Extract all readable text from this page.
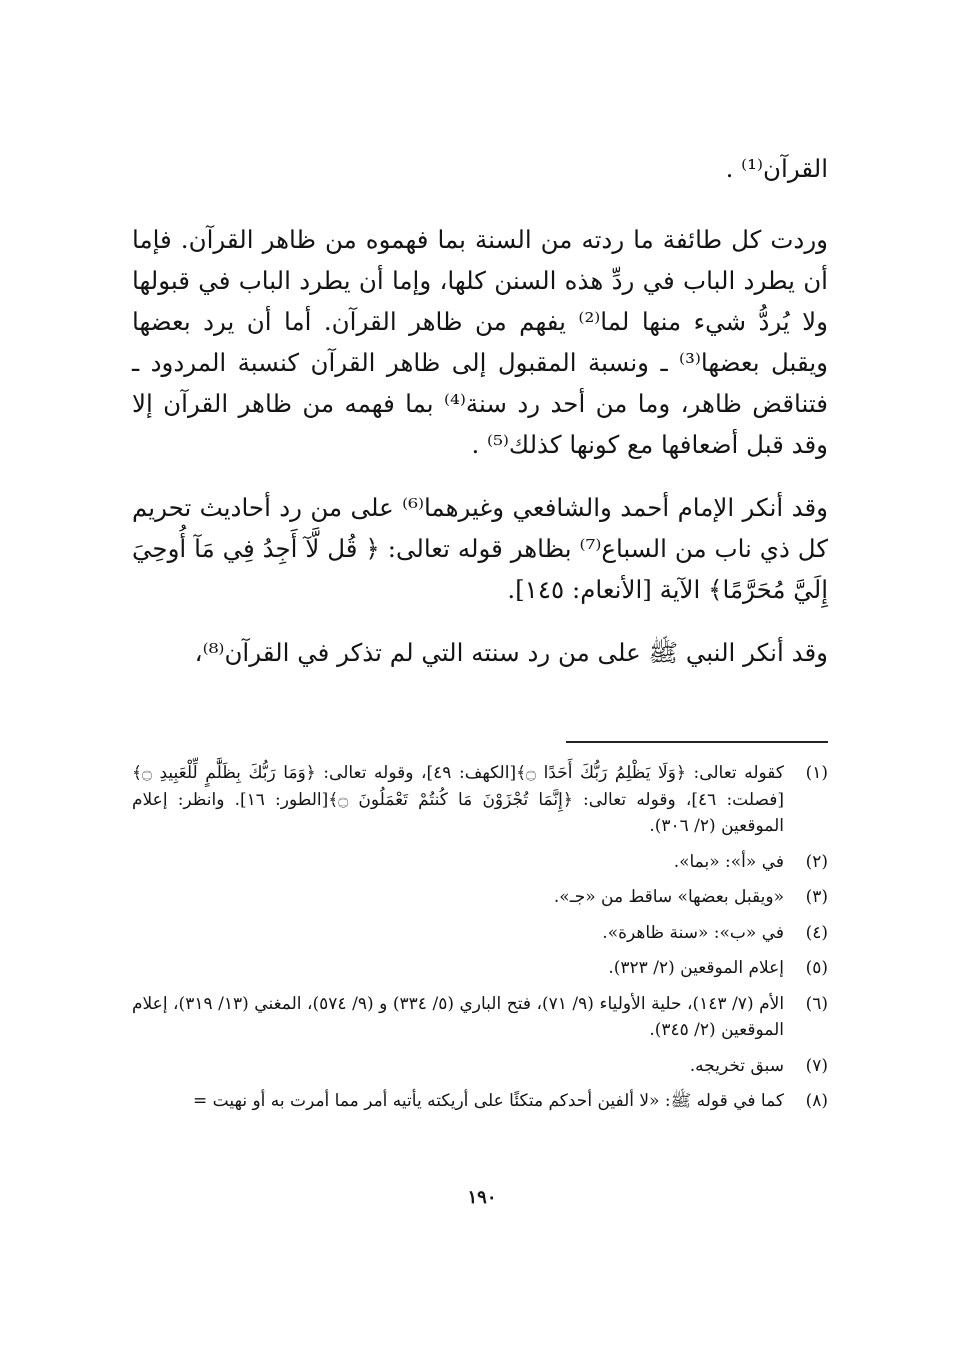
القرآن⁽¹⁾ .

وردت كل طائفة ما ردته من السنة بما فهموه من ظاهر القرآن. فإما أن يطرد الباب في ردِّ هذه السنن كلها، وإما أن يطرد الباب في قبولها ولا يُردُّ شيء منها لما⁽²⁾ يفهم من ظاهر القرآن. أما أن يرد بعضها ويقبل بعضها⁽³⁾ ـ ونسبة المقبول إلى ظاهر القرآن كنسبة المردود ـ فتناقض ظاهر، وما من أحد رد سنة⁽⁴⁾ بما فهمه من ظاهر القرآن إلا وقد قبل أضعافها مع كونها كذلك⁽⁵⁾ .

وقد أنكر الإمام أحمد والشافعي وغيرهما⁽⁶⁾ على من رد أحاديث تحريم كل ذي ناب من السباع⁽⁷⁾ بظاهر قوله تعالى: ﴿ قُل لَّآ أَجِدُ فِي مَآ أُوحِيَ إِلَيَّ مُحَرَّمًا﴾ الآية [الأنعام: ١٤٥].

وقد أنكر النبي ﷺ على من رد سنته التي لم تذكر في القرآن⁽⁸⁾،

(١)
كقوله تعالى: ﴿وَلَا يَظْلِمُ رَبُّكَ أَحَدًا ۝﴾[الكهف: ٤٩]، وقوله تعالى: ﴿وَمَا رَبُّكَ بِظَلَّٰمٍ لِّلْعَبِيدِ ۝﴾[فصلت: ٤٦]، وقوله تعالى: ﴿إِنَّمَا تُجْزَوْنَ مَا كُنتُمْ تَعْمَلُونَ ۝﴾[الطور: ١٦]. وانظر: إعلام الموقعين (٢/ ٣٠٦).
(٢)
في «أ»: «بما».
(٣)
«ويقبل بعضها» ساقط من «جـ».
(٤)
في «ب»: «سنة ظاهرة».
(٥)
إعلام الموقعين (٢/ ٣٢٣).
(٦)
الأم (٧/ ١٤٣)، حلية الأولياء (٩/ ٧١)، فتح الباري (٥/ ٣٣٤) و (٩/ ٥٧٤)، المغني (١٣/ ٣١٩)، إعلام الموقعين (٢/ ٣٤٥).
(٧)
سبق تخريجه.
(٨)
كما في قوله ﷺ: «لا ألفين أحدكم متكئًا على أريكته يأتيه أمر مما أمرت به أو نهيت =
١٩٠
